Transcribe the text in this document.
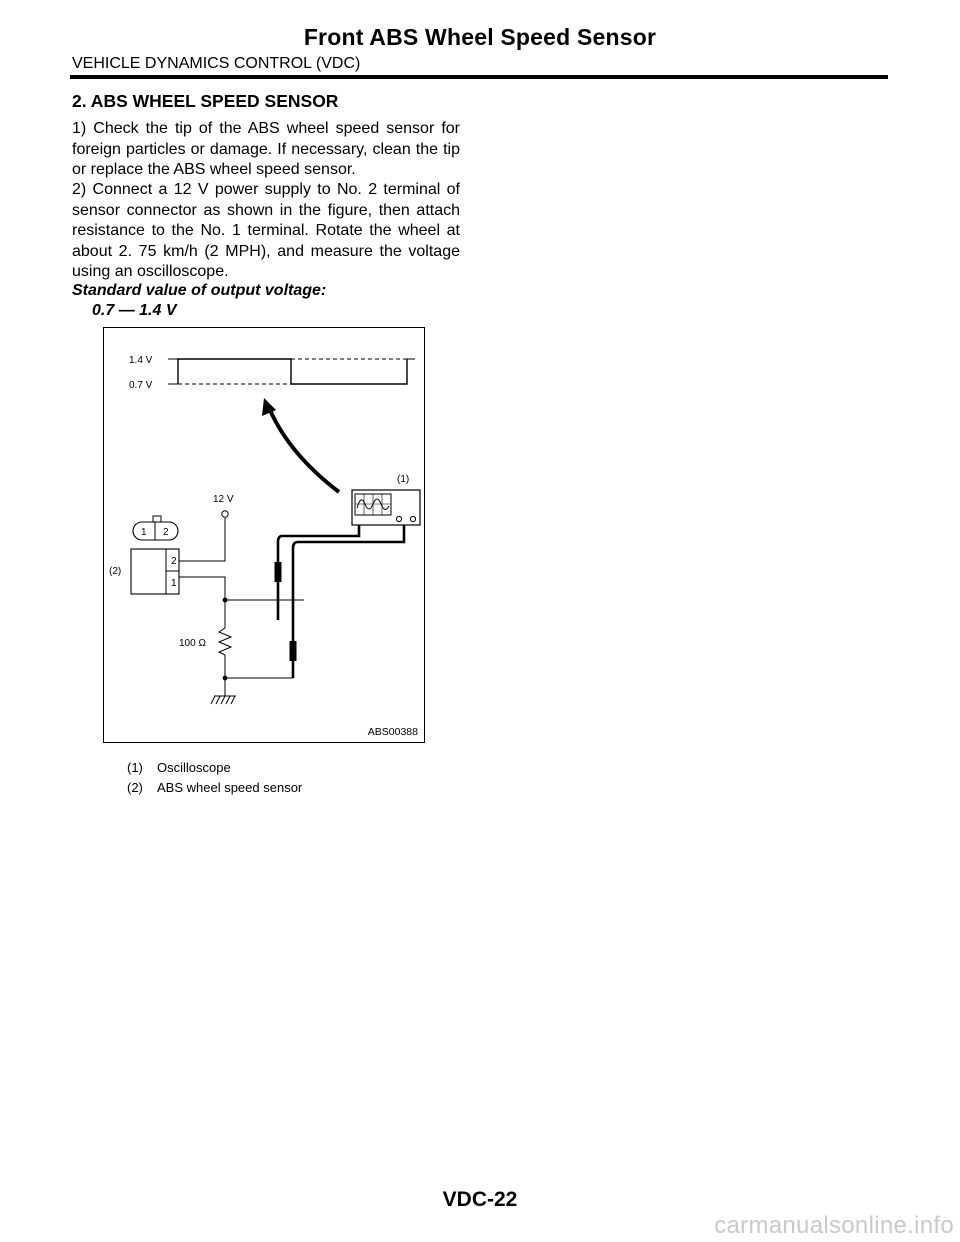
Front ABS Wheel Speed Sensor
VEHICLE DYNAMICS CONTROL (VDC)
2. ABS WHEEL SPEED SENSOR
1) Check the tip of the ABS wheel speed sensor for foreign particles or damage. If necessary, clean the tip or replace the ABS wheel speed sensor.
2) Connect a 12 V power supply to No. 2 terminal of sensor connector as shown in the figure, then attach resistance to the No. 1 terminal. Rotate the wheel at about 2. 75 km/h (2 MPH), and measure the voltage using an oscilloscope.
Standard value of output voltage:
0.7 — 1.4 V
1.4 V
0.7 V
(1)
12 V
1 2
2
1
(2)
100 Ω
ABS00388
(1) Oscilloscope
(2) ABS wheel speed sensor
VDC-22
carmanualsonline.info
